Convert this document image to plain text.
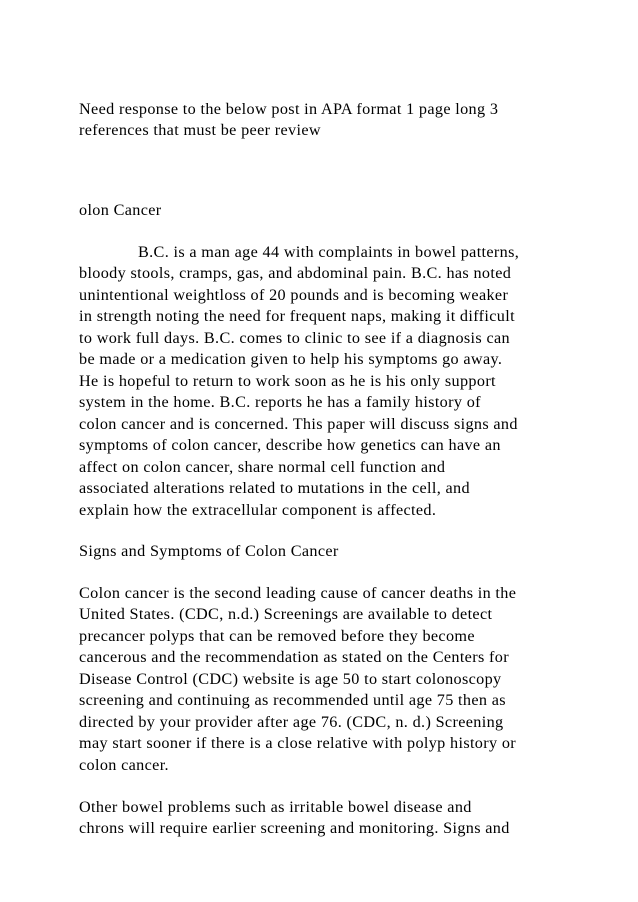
Need response to the below post in APA format 1 page long 3

references that must be peer review

olon Cancer

B.C. is a man age 44 with complaints in bowel patterns,

bloody stools, cramps, gas, and abdominal pain. B.C. has noted

unintentional weightloss of 20 pounds and is becoming weaker

in strength noting the need for frequent naps, making it difficult

to work full days. B.C. comes to clinic to see if a diagnosis can

be made or a medication given to help his symptoms go away.

He is hopeful to return to work soon as he is his only support

system in the home. B.C. reports he has a family history of

colon cancer and is concerned. This paper will discuss signs and

symptoms of colon cancer, describe how genetics can have an

affect on colon cancer, share normal cell function and

associated alterations related to mutations in the cell, and

explain how the extracellular component is affected.

Signs and Symptoms of Colon Cancer

Colon cancer is the second leading cause of cancer deaths in the

United States. (CDC, n.d.) Screenings are available to detect

precancer polyps that can be removed before they become

cancerous and the recommendation as stated on the Centers for

Disease Control (CDC) website is age 50 to start colonoscopy

screening and continuing as recommended until age 75 then as

directed by your provider after age 76. (CDC, n. d.) Screening

may start sooner if there is a close relative with polyp history or

colon cancer.

Other bowel problems such as irritable bowel disease and

chrons will require earlier screening and monitoring. Signs and
